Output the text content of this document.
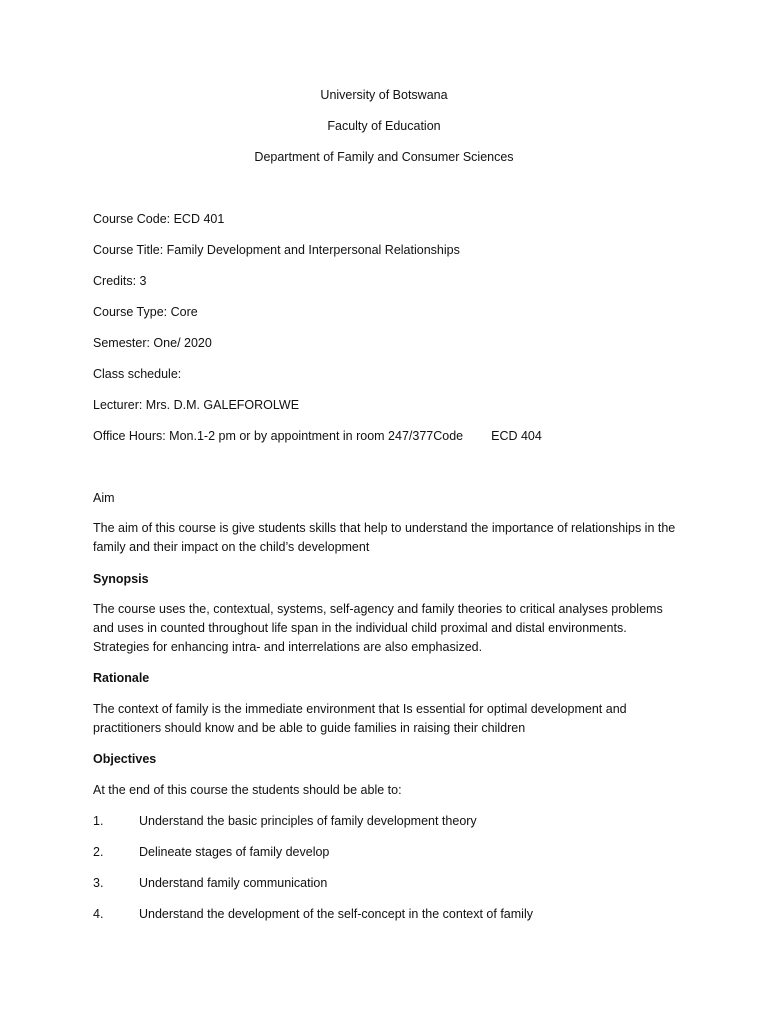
University of Botswana
Faculty of Education
Department of Family and Consumer Sciences
Course Code: ECD 401
Course Title: Family Development and Interpersonal Relationships
Credits: 3
Course Type: Core
Semester: One/ 2020
Class schedule:
Lecturer: Mrs. D.M. GALEFOROLWE
Office Hours: Mon.1-2 pm or by appointment in room 247/377Code ECD 404
Aim
The aim of this course is give students skills that help to understand the importance of relationships in the family and their impact on the child’s development
Synopsis
The course uses the, contextual, systems, self-agency and family theories to critical analyses problems and uses in counted throughout life span in the individual child proximal and distal environments. Strategies for enhancing intra- and interrelations are also emphasized.
Rationale
The context of family is the immediate environment that Is essential for optimal development and practitioners should know and be able to guide families in raising their children
Objectives
At the end of this course the students should be able to:
1.	Understand the basic principles of family development theory
2.	Delineate stages of family develop
3.	Understand family communication
4.	Understand the development of the self-concept in the context of family
